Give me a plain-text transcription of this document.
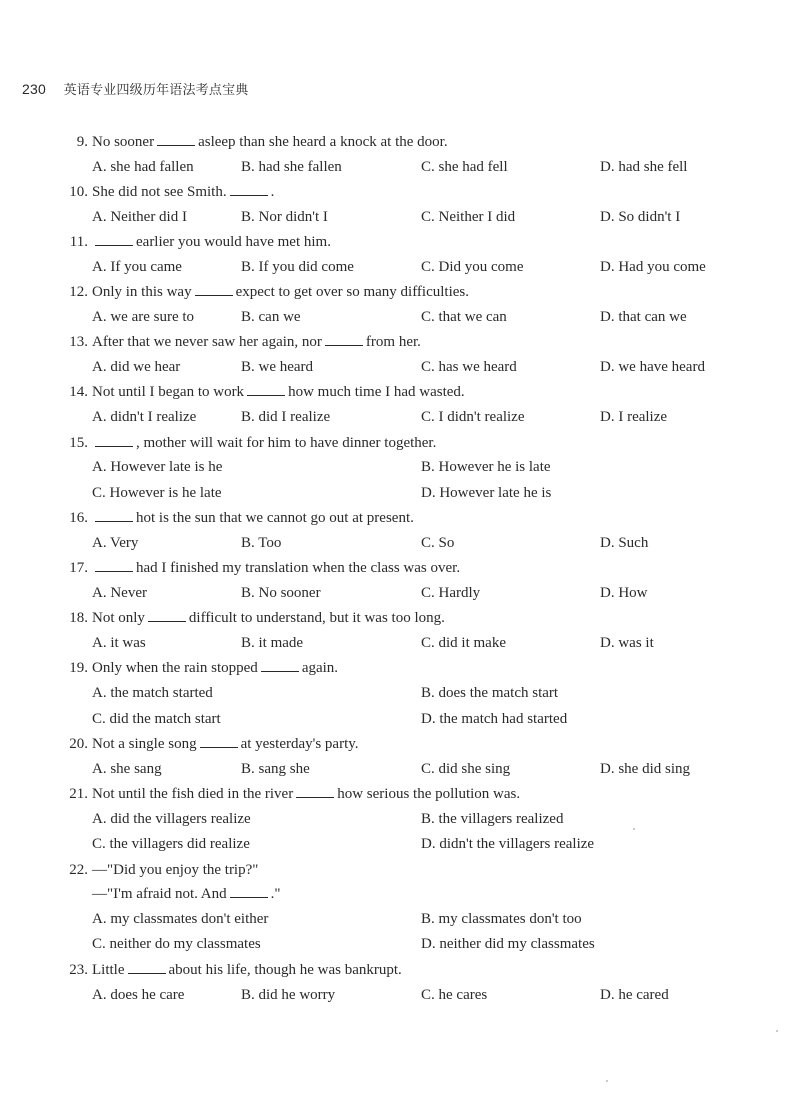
230 英语专业四级历年语法考点宝典
9. No sooner	asleep than she heard a knock at the door.
A. she had fallen	B. had she fallen	C. she had fell	D. had she fell
10. She did not see Smith.	.
A. Neither did I	B. Nor didn't I	C. Neither I did	D. So didn't I
11.	earlier you would have met him.
A. If you came	B. If you did come	C. Did you come	D. Had you come
12. Only in this way	expect to get over so many difficulties.
A. we are sure to	B. can we	C. that we can	D. that can we
13. After that we never saw her again, nor	from her.
A. did we hear	B. we heard	C. has we heard	D. we have heard
14. Not until I began to work	how much time I had wasted.
A. didn't I realize	B. did I realize	C. I didn't realize	D. I realize
15.	, mother will wait for him to have dinner together.
A. However late is he	B. However he is late
C. However is he late	D. However late he is
16.	hot is the sun that we cannot go out at present.
A. Very	B. Too	C. So	D. Such
17.	had I finished my translation when the class was over.
A. Never	B. No sooner	C. Hardly	D. How
18. Not only	difficult to understand, but it was too long.
A. it was	B. it made	C. did it make	D. was it
19. Only when the rain stopped	again.
A. the match started	B. does the match start
C. did the match start	D. the match had started
20. Not a single song	at yesterday's party.
A. she sang	B. sang she	C. did she sing	D. she did sing
21. Not until the fish died in the river	how serious the pollution was.
A. did the villagers realize	B. the villagers realized
C. the villagers did realize	D. didn't the villagers realize
22. —"Did you enjoy the trip?"
—"I'm afraid not. And	."
A. my classmates don't either	B. my classmates don't too
C. neither do my classmates	D. neither did my classmates
23. Little	about his life, though he was bankrupt.
A. does he care	B. did he worry	C. he cares	D. he cared
